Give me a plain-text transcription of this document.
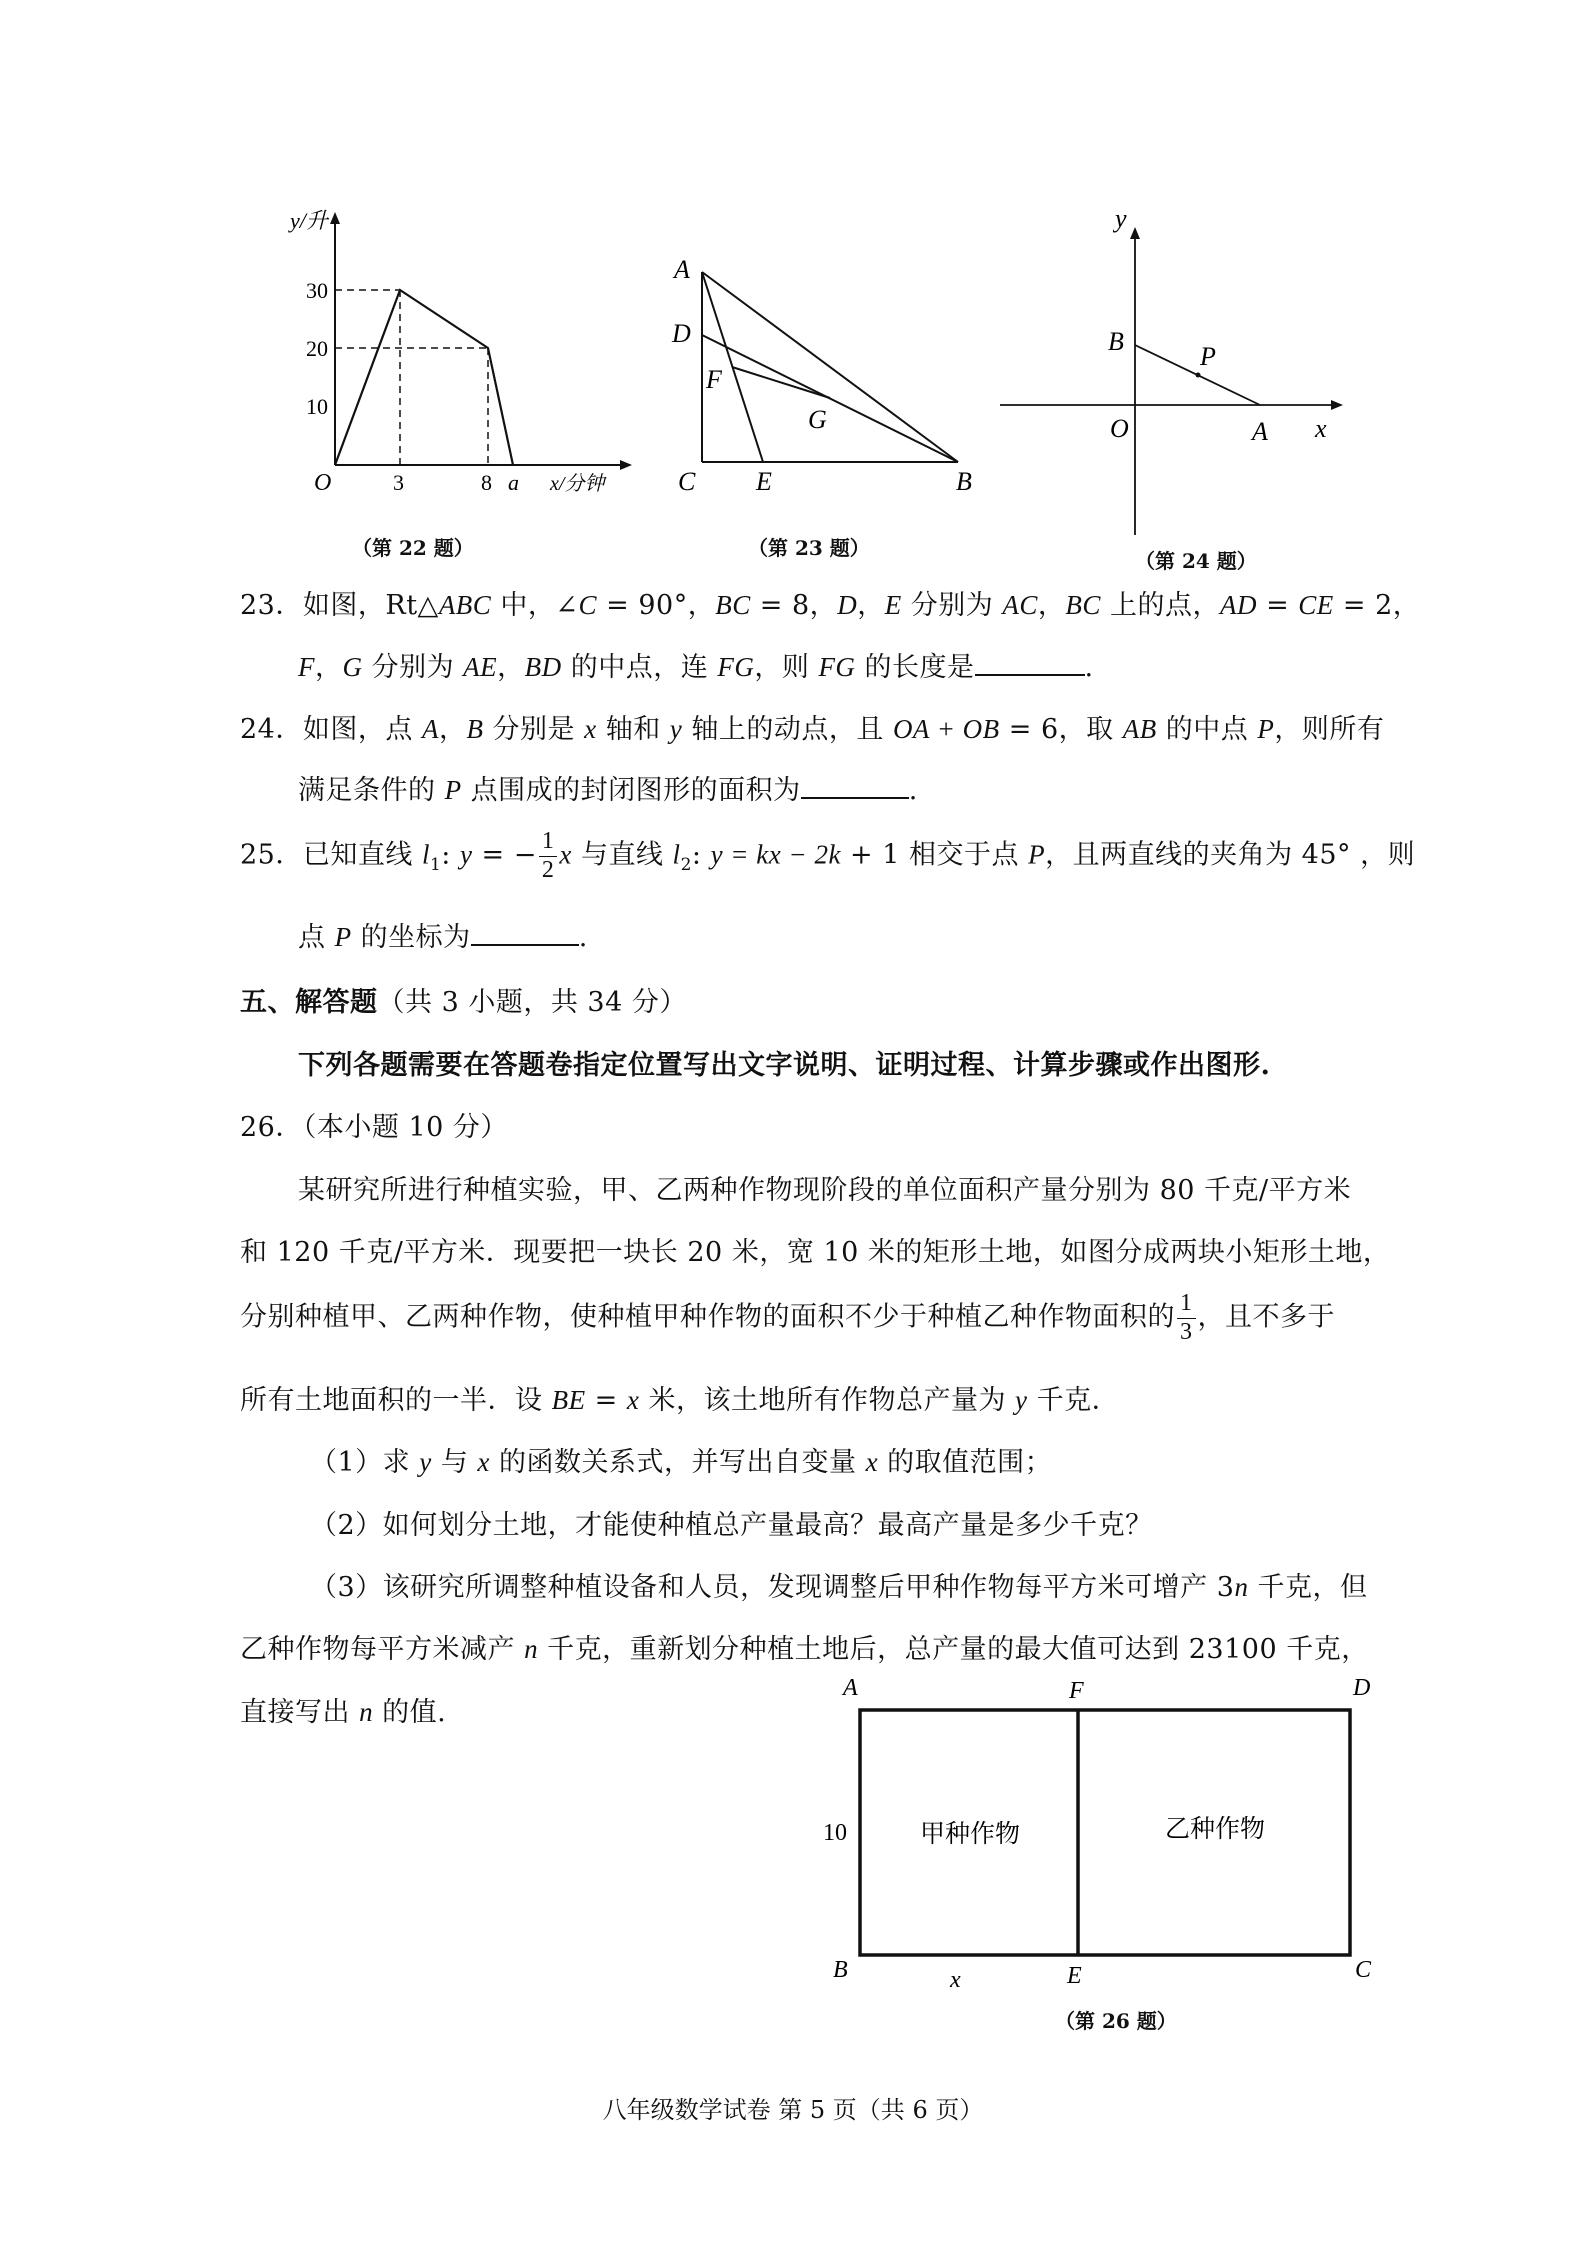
y/升
x/分钟
O
30
20
10
3	8 a
（第 22 题）
A
D
F
G
C E	B
（第 23 题）
y
x
B
P
O	A
（第 24 题）
23．如图，Rt△ABC 中，∠C = 90°，BC = 8，D，E 分别为 AC，BC 上的点，AD = CE = 2，
F，G 分别为 AE，BD 的中点，连 FG，则 FG 的长度是	.
24．如图，点 A，B 分别是 x 轴和 y 轴上的动点，且 OA + OB = 6，取 AB 的中点 P，则所有
满足条件的 P 点围成的封闭图形的面积为	.
25．已知直线 $l_1$: y = − $\frac{1}{2}$ x 与直线 $l_2$: y = kx − 2k + 1 相交于点 P，且两直线的夹角为 45° ，则
点 P 的坐标为	.
五、解答题（共 3 小题，共 34 分）
下列各题需要在答题卷指定位置写出文字说明、证明过程、计算步骤或作出图形.
26．（本小题 10 分）
某研究所进行种植实验，甲、乙两种作物现阶段的单位面积产量分别为 80 千克/平方米
和 120 千克/平方米．现要把一块长 20 米，宽 10 米的矩形土地，如图分成两块小矩形土地，
分别种植甲、乙两种作物，使种植甲种作物的面积不少于种植乙种作物面积的 $\frac{1}{3}$ ，且不多于
所有土地面积的一半．设 BE = x 米，该土地所有作物总产量为 y 千克．
（1）求 y 与 x 的函数关系式，并写出自变量 x 的取值范围；
（2）如何划分土地，才能使种植总产量最高？最高产量是多少千克？
（3）该研究所调整种植设备和人员，发现调整后甲种作物每平方米可增产 3n 千克，但
乙种作物每平方米减产 n 千克，重新划分种植土地后，总产量的最大值可达到 23100 千克，
直接写出 n 的值.
A	F	D
B	E	C
10
x
甲种作物	乙种作物
（第 26 题）
八年级数学试卷 第 5 页（共 6 页）
